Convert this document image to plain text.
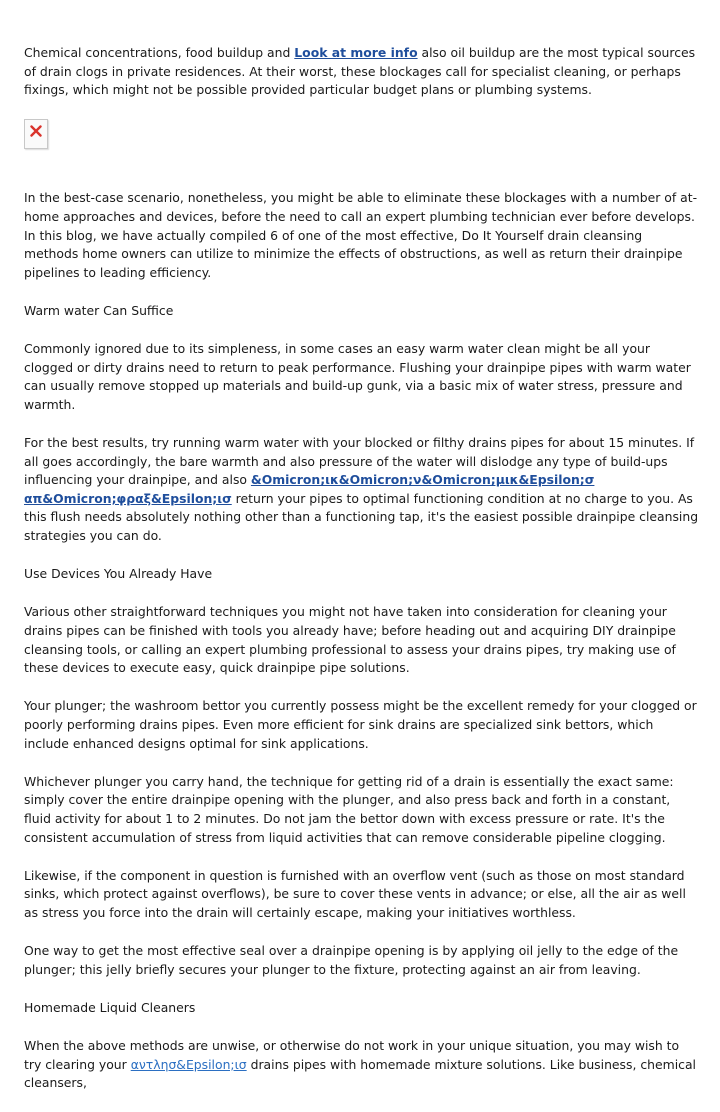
Chemical concentrations, food buildup and Look at more info also oil buildup are the most typical sources of drain clogs in private residences. At their worst, these blockages call for specialist cleaning, or perhaps fixings, which might not be possible provided particular budget plans or plumbing systems.

In the best-case scenario, nonetheless, you might be able to eliminate these blockages with a number of at-home approaches and devices, before the need to call an expert plumbing technician ever before develops. In this blog, we have actually compiled 6 of one of the most effective, Do It Yourself drain cleansing methods home owners can utilize to minimize the effects of obstructions, as well as return their drainpipe pipelines to leading efficiency.

Warm water Can Suffice

Commonly ignored due to its simpleness, in some cases an easy warm water clean might be all your clogged or dirty drains need to return to peak performance. Flushing your drainpipe pipes with warm water can usually remove stopped up materials and build-up gunk, via a basic mix of water stress, pressure and warmth.

For the best results, try running warm water with your blocked or filthy drains pipes for about 15 minutes. If all goes accordingly, the bare warmth and also pressure of the water will dislodge any type of build-ups influencing your drainpipe, and also &Omicron;ικ&Omicron;ν&Omicron;μικ&Epsilon;σ απ&Omicron;φραξ&Epsilon;ισ return your pipes to optimal functioning condition at no charge to you. As this flush needs absolutely nothing other than a functioning tap, it's the easiest possible drainpipe cleansing strategies you can do.

Use Devices You Already Have

Various other straightforward techniques you might not have taken into consideration for cleaning your drains pipes can be finished with tools you already have; before heading out and acquiring DIY drainpipe cleansing tools, or calling an expert plumbing professional to assess your drains pipes, try making use of these devices to execute easy, quick drainpipe pipe solutions.

Your plunger; the washroom bettor you currently possess might be the excellent remedy for your clogged or poorly performing drains pipes. Even more efficient for sink drains are specialized sink bettors, which include enhanced designs optimal for sink applications.

Whichever plunger you carry hand, the technique for getting rid of a drain is essentially the exact same: simply cover the entire drainpipe opening with the plunger, and also press back and forth in a constant, fluid activity for about 1 to 2 minutes. Do not jam the bettor down with excess pressure or rate. It's the consistent accumulation of stress from liquid activities that can remove considerable pipeline clogging.

Likewise, if the component in question is furnished with an overflow vent (such as those on most standard sinks, which protect against overflows), be sure to cover these vents in advance; or else, all the air as well as stress you force into the drain will certainly escape, making your initiatives worthless.

One way to get the most effective seal over a drainpipe opening is by applying oil jelly to the edge of the plunger; this jelly briefly secures your plunger to the fixture, protecting against an air from leaving.

Homemade Liquid Cleaners

When the above methods are unwise, or otherwise do not work in your unique situation, you may wish to try clearing your αντλησ&Epsilon;ισ drains pipes with homemade mixture solutions. Like business, chemical cleansers,
